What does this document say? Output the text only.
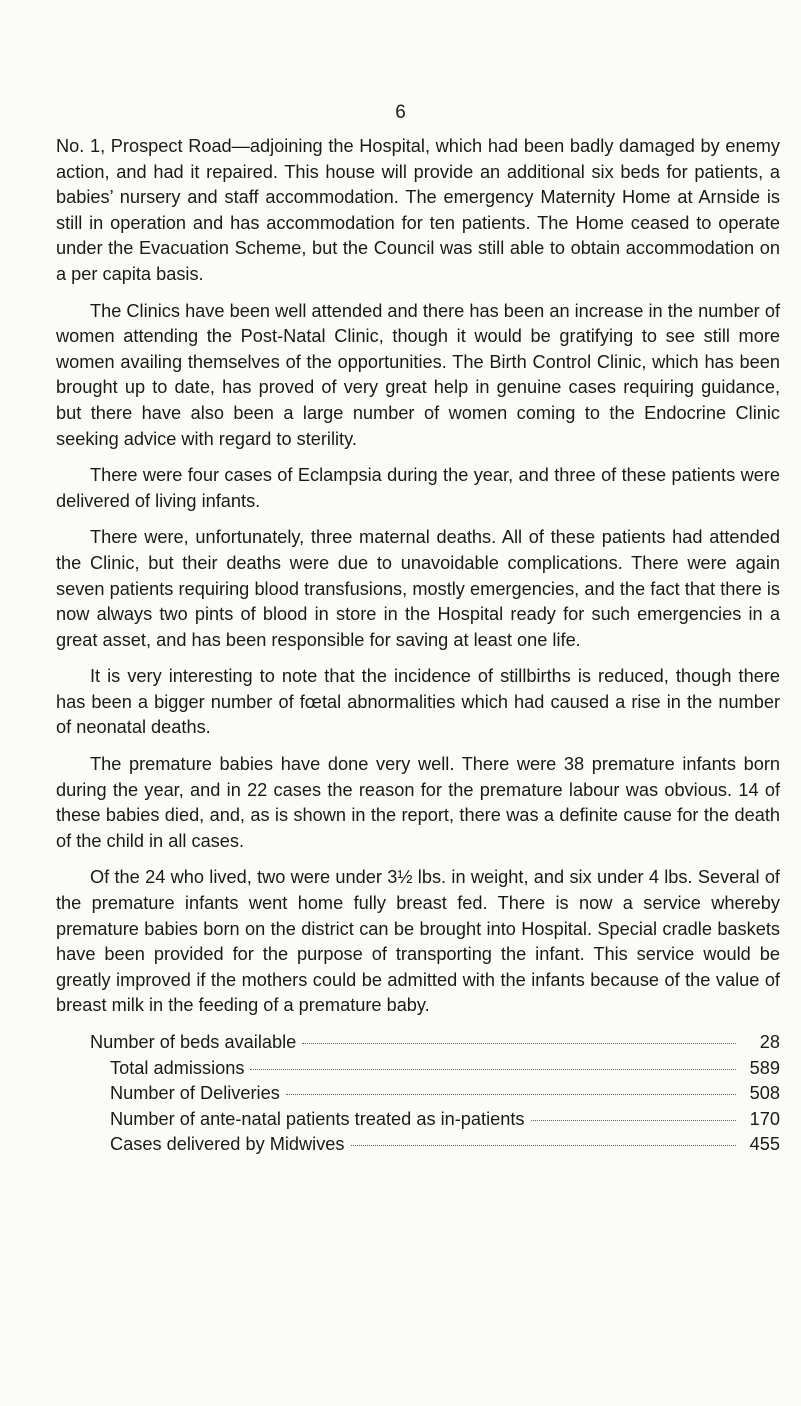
6

No. 1, Prospect Road—adjoining the Hospital, which had been badly damaged by enemy action, and had it repaired. This house will provide an additional six beds for patients, a babies’ nursery and staff accommodation. The emergency Maternity Home at Arnside is still in operation and has accommodation for ten patients. The Home ceased to operate under the Evacuation Scheme, but the Council was still able to obtain accommodation on a per capita basis.

The Clinics have been well attended and there has been an increase in the number of women attending the Post-Natal Clinic, though it would be gratifying to see still more women availing themselves of the opportunities. The Birth Control Clinic, which has been brought up to date, has proved of very great help in genuine cases requiring guidance, but there have also been a large number of women coming to the Endocrine Clinic seeking advice with regard to sterility.

There were four cases of Eclampsia during the year, and three of these patients were delivered of living infants.

There were, unfortunately, three maternal deaths. All of these patients had attended the Clinic, but their deaths were due to unavoidable complications. There were again seven patients requiring blood transfusions, mostly emergencies, and the fact that there is now always two pints of blood in store in the Hospital ready for such emergencies in a great asset, and has been responsible for saving at least one life.

It is very interesting to note that the incidence of stillbirths is reduced, though there has been a bigger number of fœtal abnormalities which had caused a rise in the number of neonatal deaths.

The premature babies have done very well. There were 38 premature infants born during the year, and in 22 cases the reason for the premature labour was obvious. 14 of these babies died, and, as is shown in the report, there was a definite cause for the death of the child in all cases.

Of the 24 who lived, two were under 3½ lbs. in weight, and six under 4 lbs. Several of the premature infants went home fully breast fed. There is now a service whereby premature babies born on the district can be brought into Hospital. Special cradle baskets have been provided for the purpose of transporting the infant. This service would be greatly improved if the mothers could be admitted with the infants because of the value of breast milk in the feeding of a premature baby.

Number of beds available	28
Total admissions	589
Number of Deliveries	508
Number of ante-natal patients treated as in-patients	170
Cases delivered by Midwives	455
